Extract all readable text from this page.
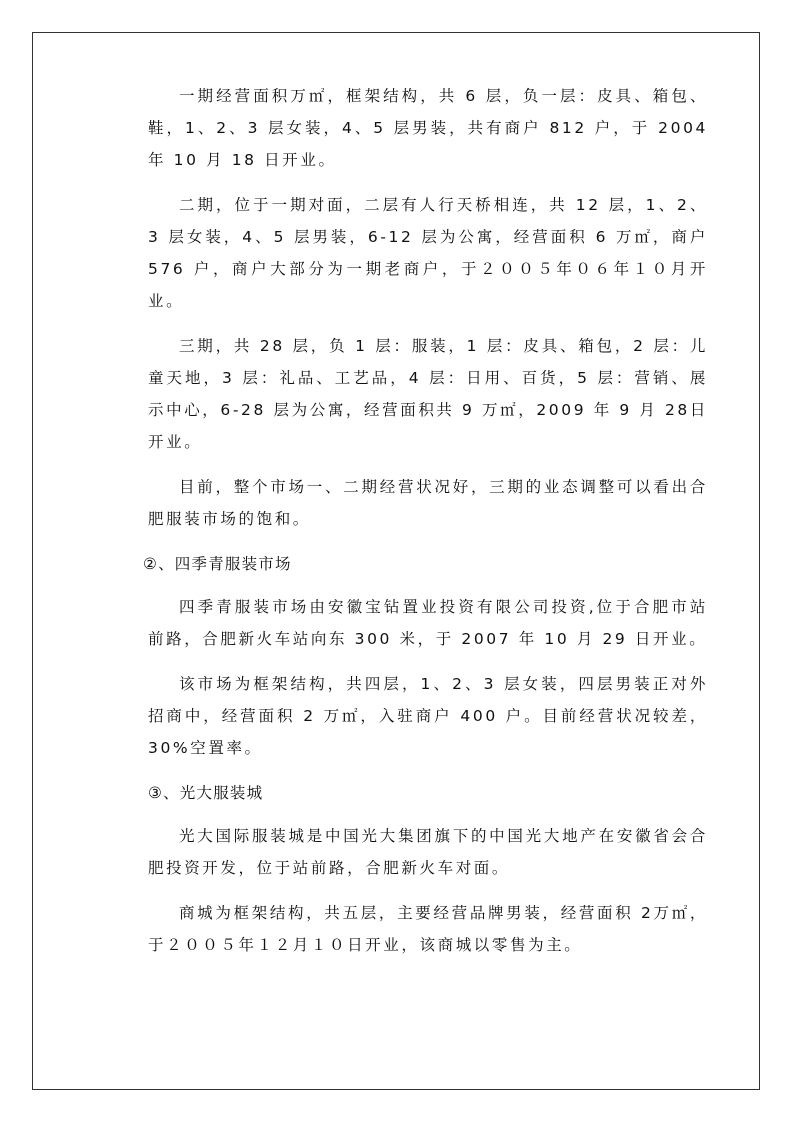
一期经营面积万㎡，框架结构，共 6 层，负一层：皮具、箱包、鞋，1、2、3 层女装，4、5 层男装，共有商户 812 户，于 2004年 10 月 18 日开业。

二期，位于一期对面，二层有人行天桥相连，共 12 层，1、2、3 层女装，4、5 层男装，6-12 层为公寓，经营面积 6 万㎡，商户 576 户，商户大部分为一期老商户，于２００５年０６年１０月开业。

三期，共 28 层，负 1 层：服装，1 层：皮具、箱包，2 层：儿童天地，3 层：礼品、工艺品，4 层：日用、百货，5 层：营销、展示中心，6-28 层为公寓，经营面积共 9 万㎡，2009 年 9 月 28日开业。

目前，整个市场一、二期经营状况好，三期的业态调整可以看出合肥服装市场的饱和。

②、四季青服装市场

四季青服装市场由安徽宝钻置业投资有限公司投资,位于合肥市站前路，合肥新火车站向东 300 米，于 2007 年 10 月 29 日开业。

该市场为框架结构，共四层，1、2、3 层女装，四层男装正对外招商中，经营面积 2 万㎡，入驻商户 400 户。目前经营状况较差，30%空置率。

③、光大服装城

光大国际服装城是中国光大集团旗下的中国光大地产在安徽省会合肥投资开发，位于站前路，合肥新火车对面。

商城为框架结构，共五层，主要经营品牌男装，经营面积 2万㎡，于２００５年１２月１０日开业，该商城以零售为主。
